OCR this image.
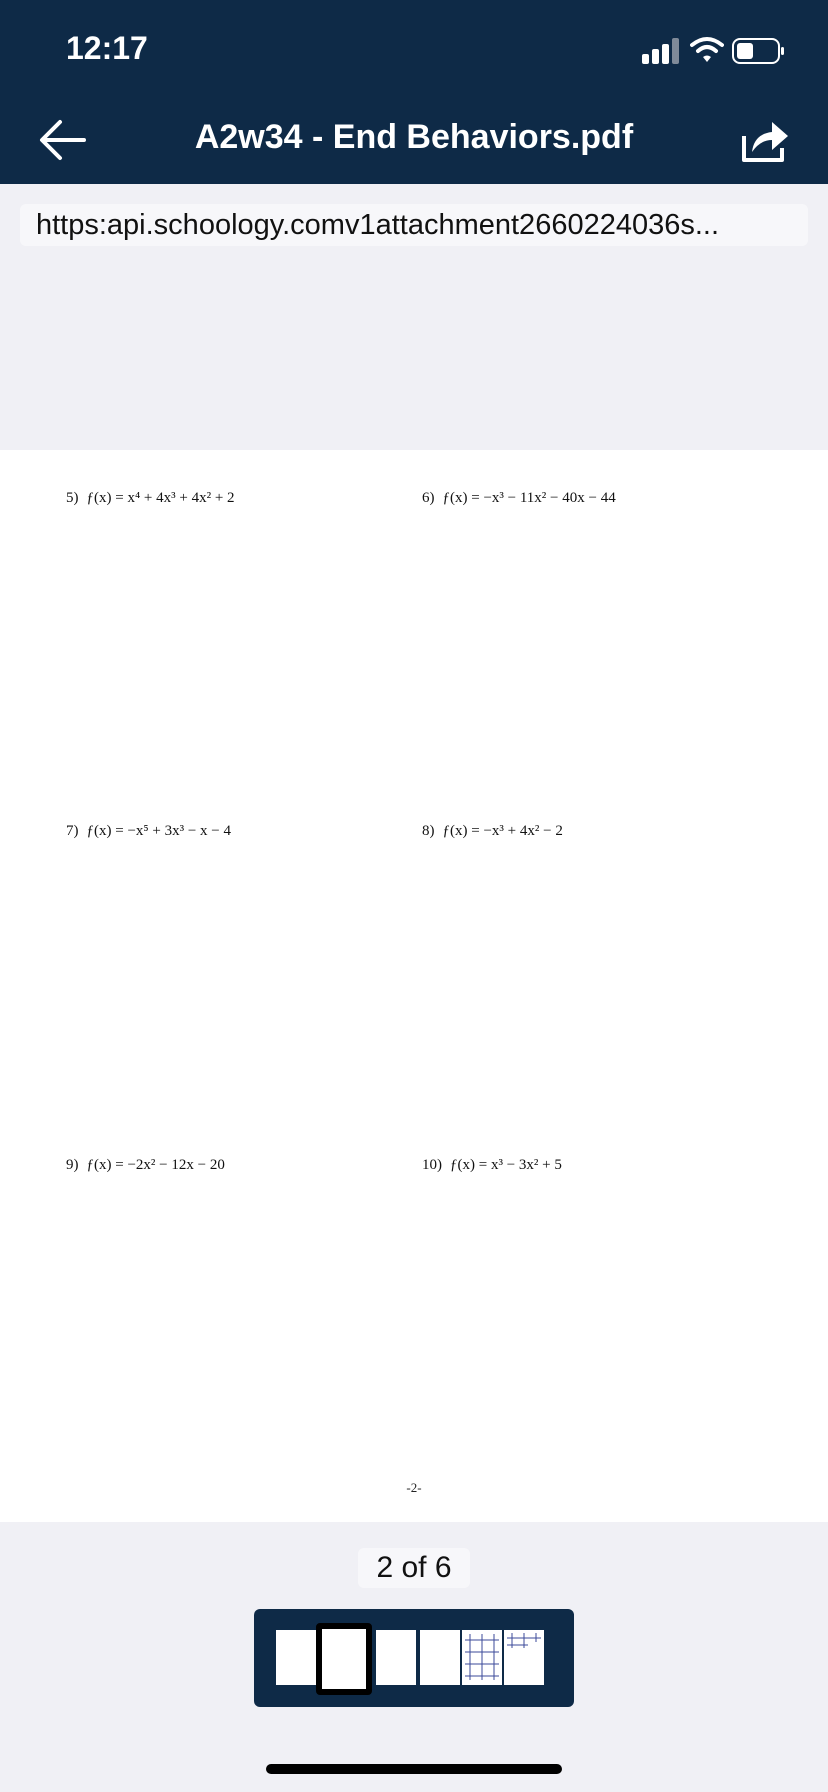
12:17
A2w34 - End Behaviors.pdf
https:api.schoology.comv1attachment2660224036s...
5) ƒ(x) = x⁴ + 4x³ + 4x² + 2	6) ƒ(x) = −x³ − 11x² − 40x − 44
7) ƒ(x) = −x⁵ + 3x³ − x − 4	8) ƒ(x) = −x³ + 4x² − 2
9) ƒ(x) = −2x² − 12x − 20	10) ƒ(x) = x³ − 3x² + 5
-2-
2 of 6
